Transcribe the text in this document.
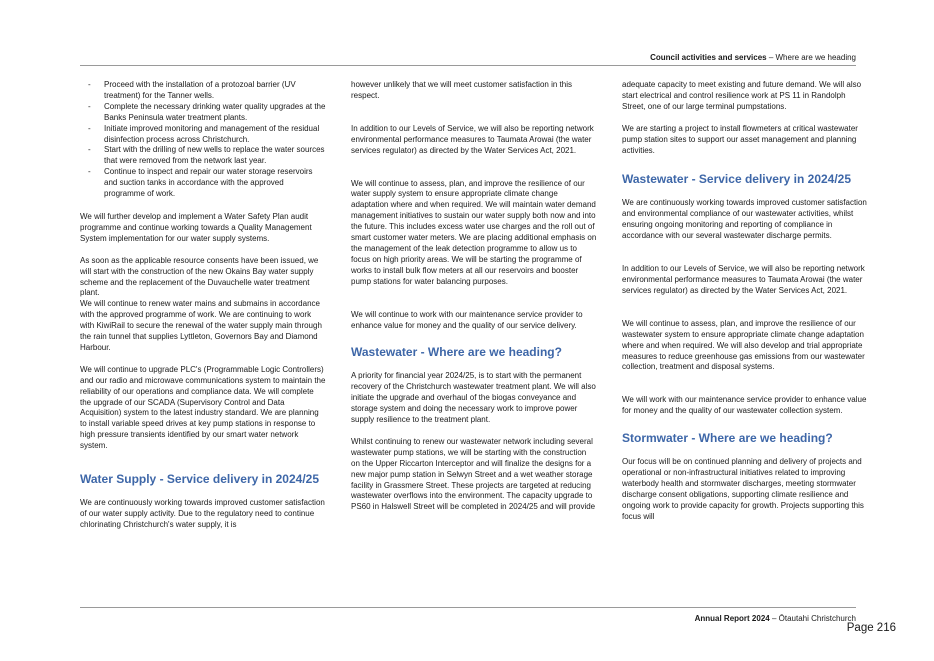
Council activities and services – Where are we heading
- Proceed with the installation of a protozoal barrier (UV treatment) for the Tanner wells.
- Complete the necessary drinking water quality upgrades at the Banks Peninsula water treatment plants.
- Initiate improved monitoring and management of the residual disinfection process across Christchurch.
- Start with the drilling of new wells to replace the water sources that were removed from the network last year.
- Continue to inspect and repair our water storage reservoirs and suction tanks in accordance with the approved programme of work.

We will further develop and implement a Water Safety Plan audit programme and continue working towards a Quality Management System implementation for our water supply systems.

As soon as the applicable resource consents have been issued, we will start with the construction of the new Okains Bay water supply scheme and the replacement of the Duvauchelle water treatment plant.

We will continue to renew water mains and submains in accordance with the approved programme of work. We are continuing to work with KiwiRail to secure the renewal of the water supply main through the rain tunnel that supplies Lyttleton, Governors Bay and Diamond Harbour.

We will continue to upgrade PLC's (Programmable Logic Controllers) and our radio and microwave communications system to maintain the reliability of our operations and compliance data. We will complete the upgrade of our SCADA (Supervisory Control and Data Acquisition) system to the latest industry standard. We are planning to install variable speed drives at key pump stations in response to high pressure transients identified by our smart water network system.

Water Supply - Service delivery in 2024/25

We are continuously working towards improved customer satisfaction of our water supply activity. Due to the regulatory need to continue chlorinating Christchurch's water supply, it is

however unlikely that we will meet customer satisfaction in this respect.

In addition to our Levels of Service, we will also be reporting network environmental performance measures to Taumata Arowai (the water services regulator) as directed by the Water Services Act, 2021.

We will continue to assess, plan, and improve the resilience of our water supply system to ensure appropriate climate change adaptation where and when required. We will maintain water demand management initiatives to sustain our water supply both now and into the future. This includes excess water use charges and the roll out of smart customer water meters. We are placing additional emphasis on the management of the leak detection programme to allow us to focus on high priority areas. We will be starting the programme of works to install bulk flow meters at all our reservoirs and booster pump stations for water balancing purposes.

We will continue to work with our maintenance service provider to enhance value for money and the quality of our service delivery.

Wastewater - Where are we heading?

A priority for financial year 2024/25, is to start with the permanent recovery of the Christchurch wastewater treatment plant. We will also initiate the upgrade and overhaul of the biogas conveyance and storage system and doing the necessary work to improve power supply resilience to the treatment plant.

Whilst continuing to renew our wastewater network including several wastewater pump stations, we will be starting with the construction on the Upper Riccarton Interceptor and will finalize the designs for a new major pump station in Selwyn Street and a wet weather storage facility in Grassmere Street. These projects are targeted at reducing wastewater overflows into the environment. The capacity upgrade to PS60 in Halswell Street will be completed in 2024/25 and will provide

adequate capacity to meet existing and future demand. We will also start electrical and control resilience work at PS 11 in Randolph Street, one of our large terminal pumpstations.

We are starting a project to install flowmeters at critical wastewater pump station sites to support our asset management and planning activities.

Wastewater - Service delivery in 2024/25

We are continuously working towards improved customer satisfaction and environmental compliance of our wastewater activities, whilst ensuring ongoing monitoring and reporting of compliance in accordance with our several wastewater discharge permits.

In addition to our Levels of Service, we will also be reporting network environmental performance measures to Taumata Arowai (the water services regulator) as directed by the Water Services Act, 2021.

We will continue to assess, plan, and improve the resilience of our wastewater system to ensure appropriate climate change adaptation where and when required. We will also develop and trial appropriate measures to reduce greenhouse gas emissions from our wastewater collection, treatment and disposal systems.

We will work with our maintenance service provider to enhance value for money and the quality of our wastewater collection system.

Stormwater - Where are we heading?

Our focus will be on continued planning and delivery of projects and operational or non-infrastructural initiatives related to improving waterbody health and stormwater discharges, meeting stormwater discharge consent obligations, supporting climate resilience and ongoing work to provide capacity for growth. Projects supporting this focus will

Annual Report 2024 – Ōtautahi Christchurch
Page 216
